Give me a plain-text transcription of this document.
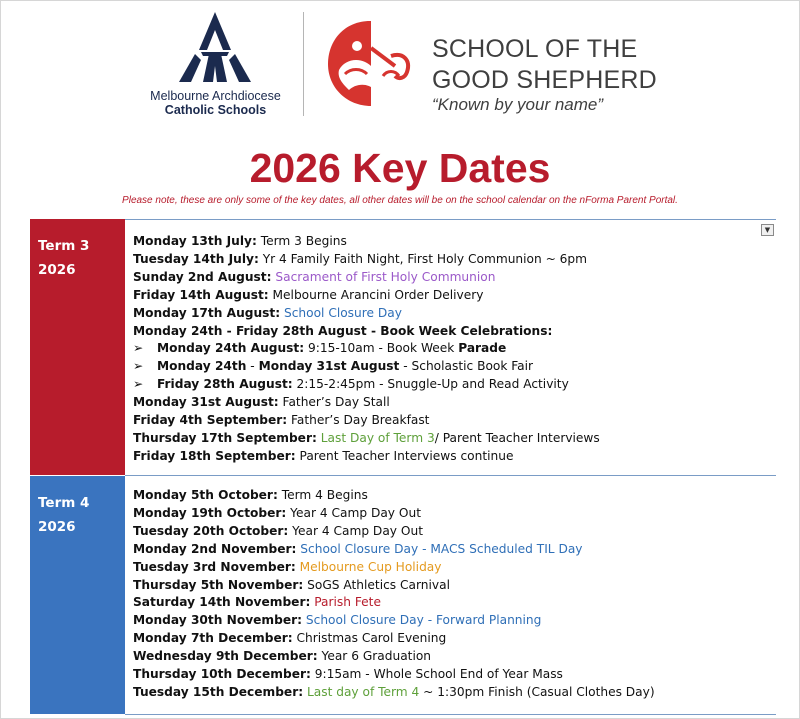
Melbourne Archdiocese
Catholic Schools
SCHOOL OF THE
GOOD SHEPHERD
“Known by your name”
2026 Key Dates
Please note, these are only some of the key dates, all other dates will be on the school calendar on the nForma Parent Portal.
Term 3
2026
Monday 13th July: Term 3 Begins
Tuesday 14th July: Yr 4 Family Faith Night, First Holy Communion ~ 6pm
Sunday 2nd August: Sacrament of First Holy Communion
Friday 14th August: Melbourne Arancini Order Delivery
Monday 17th August: School Closure Day
Monday 24th - Friday 28th August - Book Week Celebrations:
➢ Monday 24th August: 9:15-10am - Book Week Parade
➢ Monday 24th - Monday 31st August - Scholastic Book Fair
➢ Friday 28th August: 2:15-2:45pm - Snuggle-Up and Read Activity
Monday 31st August: Father’s Day Stall
Friday 4th September: Father’s Day Breakfast
Thursday 17th September: Last Day of Term 3/ Parent Teacher Interviews
Friday 18th September: Parent Teacher Interviews continue
▼
Term 4
2026
Monday 5th October: Term 4 Begins
Monday 19th October: Year 4 Camp Day Out
Tuesday 20th October: Year 4 Camp Day Out
Monday 2nd November: School Closure Day - MACS Scheduled TIL Day
Tuesday 3rd November: Melbourne Cup Holiday
Thursday 5th November: SoGS Athletics Carnival
Saturday 14th November: Parish Fete
Monday 30th November: School Closure Day - Forward Planning
Monday 7th December: Christmas Carol Evening
Wednesday 9th December: Year 6 Graduation
Thursday 10th December: 9:15am - Whole School End of Year Mass
Tuesday 15th December: Last day of Term 4 ~ 1:30pm Finish (Casual Clothes Day)
